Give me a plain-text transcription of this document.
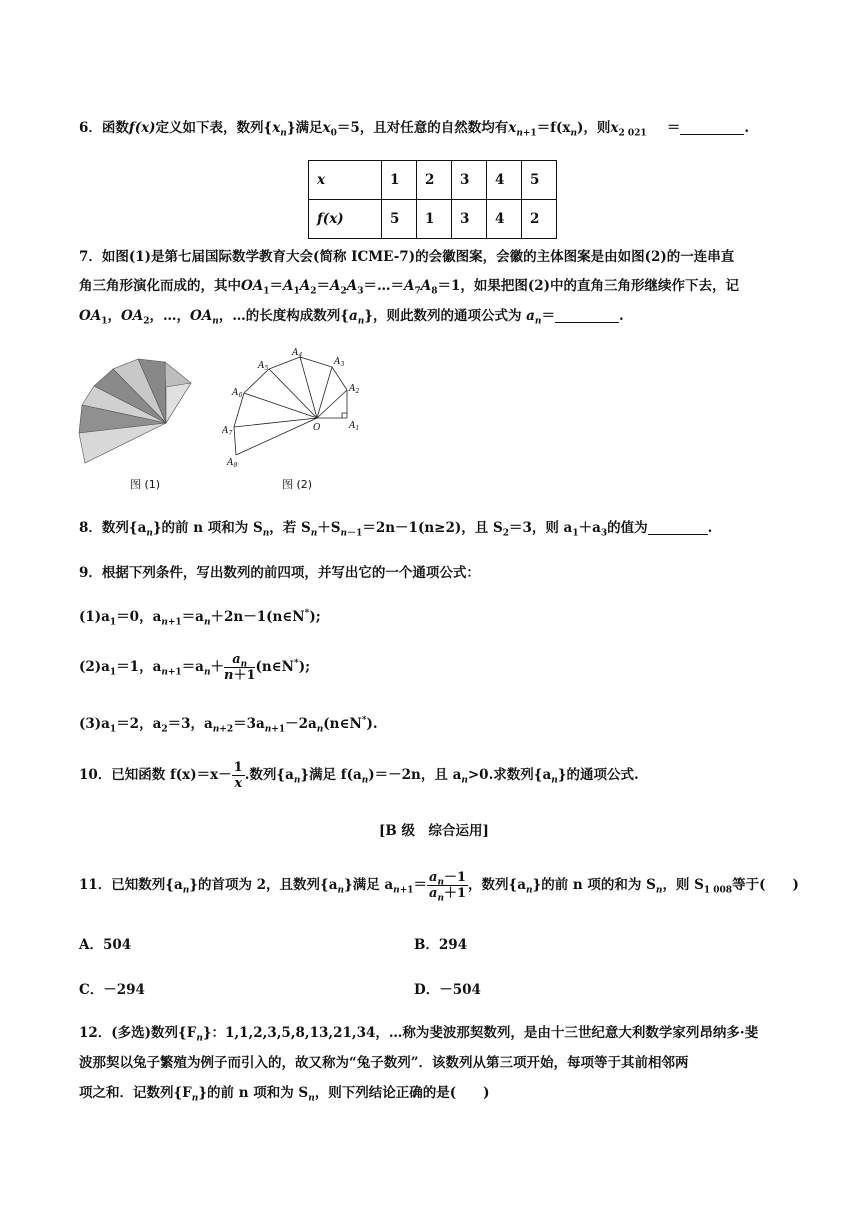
6．函数f(x)定义如下表，数列$\{x_n\}$满足$x_0=5$，且对任意的自然数均有$x_{n+1}=f(x_n)$，则$x_{2 021}$   ＝	.
x	1	2	3	4	5
f(x)	5	1	3	4	2
7．如图(1)是第七届国际数学教育大会(简称 ICME-7)的会徽图案，会徽的主体图案是由如图(2)的一连串直
角三角形演化而成的，其中$OA_1=A_1A_2=A_2A_3=\dots=A_7A_8=1$，如果把图(2)中的直角三角形继续作下去，记
$OA_1$，$OA_2$，…，$OA_n$，…的长度构成数列$\{a_n\}$，则此数列的通项公式为 $a_n=$	.
图 (1)
$A_1$
$A_2$
$A_3$
$A_4$
$A_5$
$A_6$
$A_7$
$A_8$
O
图 (2)
8．数列$\{a_n\}$的前 n 项和为 $S_n$，若 $S_n+S_{n-1}=2n-1(n\ge 2)$，且 $S_2=3$，则 $a_1+a_3$的值为	.
9．根据下列条件，写出数列的前四项，并写出它的一个通项公式：
$(1)a_1=0$，$a_{n+1}=a_n+2n-1(n\in N^*)$;
$(2)a_1=1$，$a_{n+1}=a_n+ \frac{a_n}{n+1}$ (n∈N*);
$(3)a_1=2$，$a_2=3$，$a_{n+2}=3a_{n+1}-2a_n(n\in N^*)$.
10．已知函数 $f(x)=x- \frac{1}{x}$ .数列$\{a_n\}$满足 $f(a_n)=-2n$，且 $a_n>0$.求数列$\{a_n\}$的通项公式.
[B 级　综合运用]
11．已知数列$\{a_n\}$的首项为 2，且数列$\{a_n\}$满足 $a_{n+1}= \frac{a_n-1}{a_n+1}$ ，数列$\{a_n\}$的前 n 项的和为 $S_n$，则 $S_{1 008}$等于(　　)
A．504	B．294
C．－294	D．－504
12．(多选)数列$\{F_n\}$：1,1,2,3,5,8,13,21,34，…称为斐波那契数列，是由十三世纪意大利数学家列昂纳多·斐
波那契以兔子繁殖为例子而引入的，故又称为“兔子数列”．该数列从第三项开始，每项等于其前相邻两
项之和．记数列$\{F_n\}$的前 n 项和为 $S_n$，则下列结论正确的是(　　)
